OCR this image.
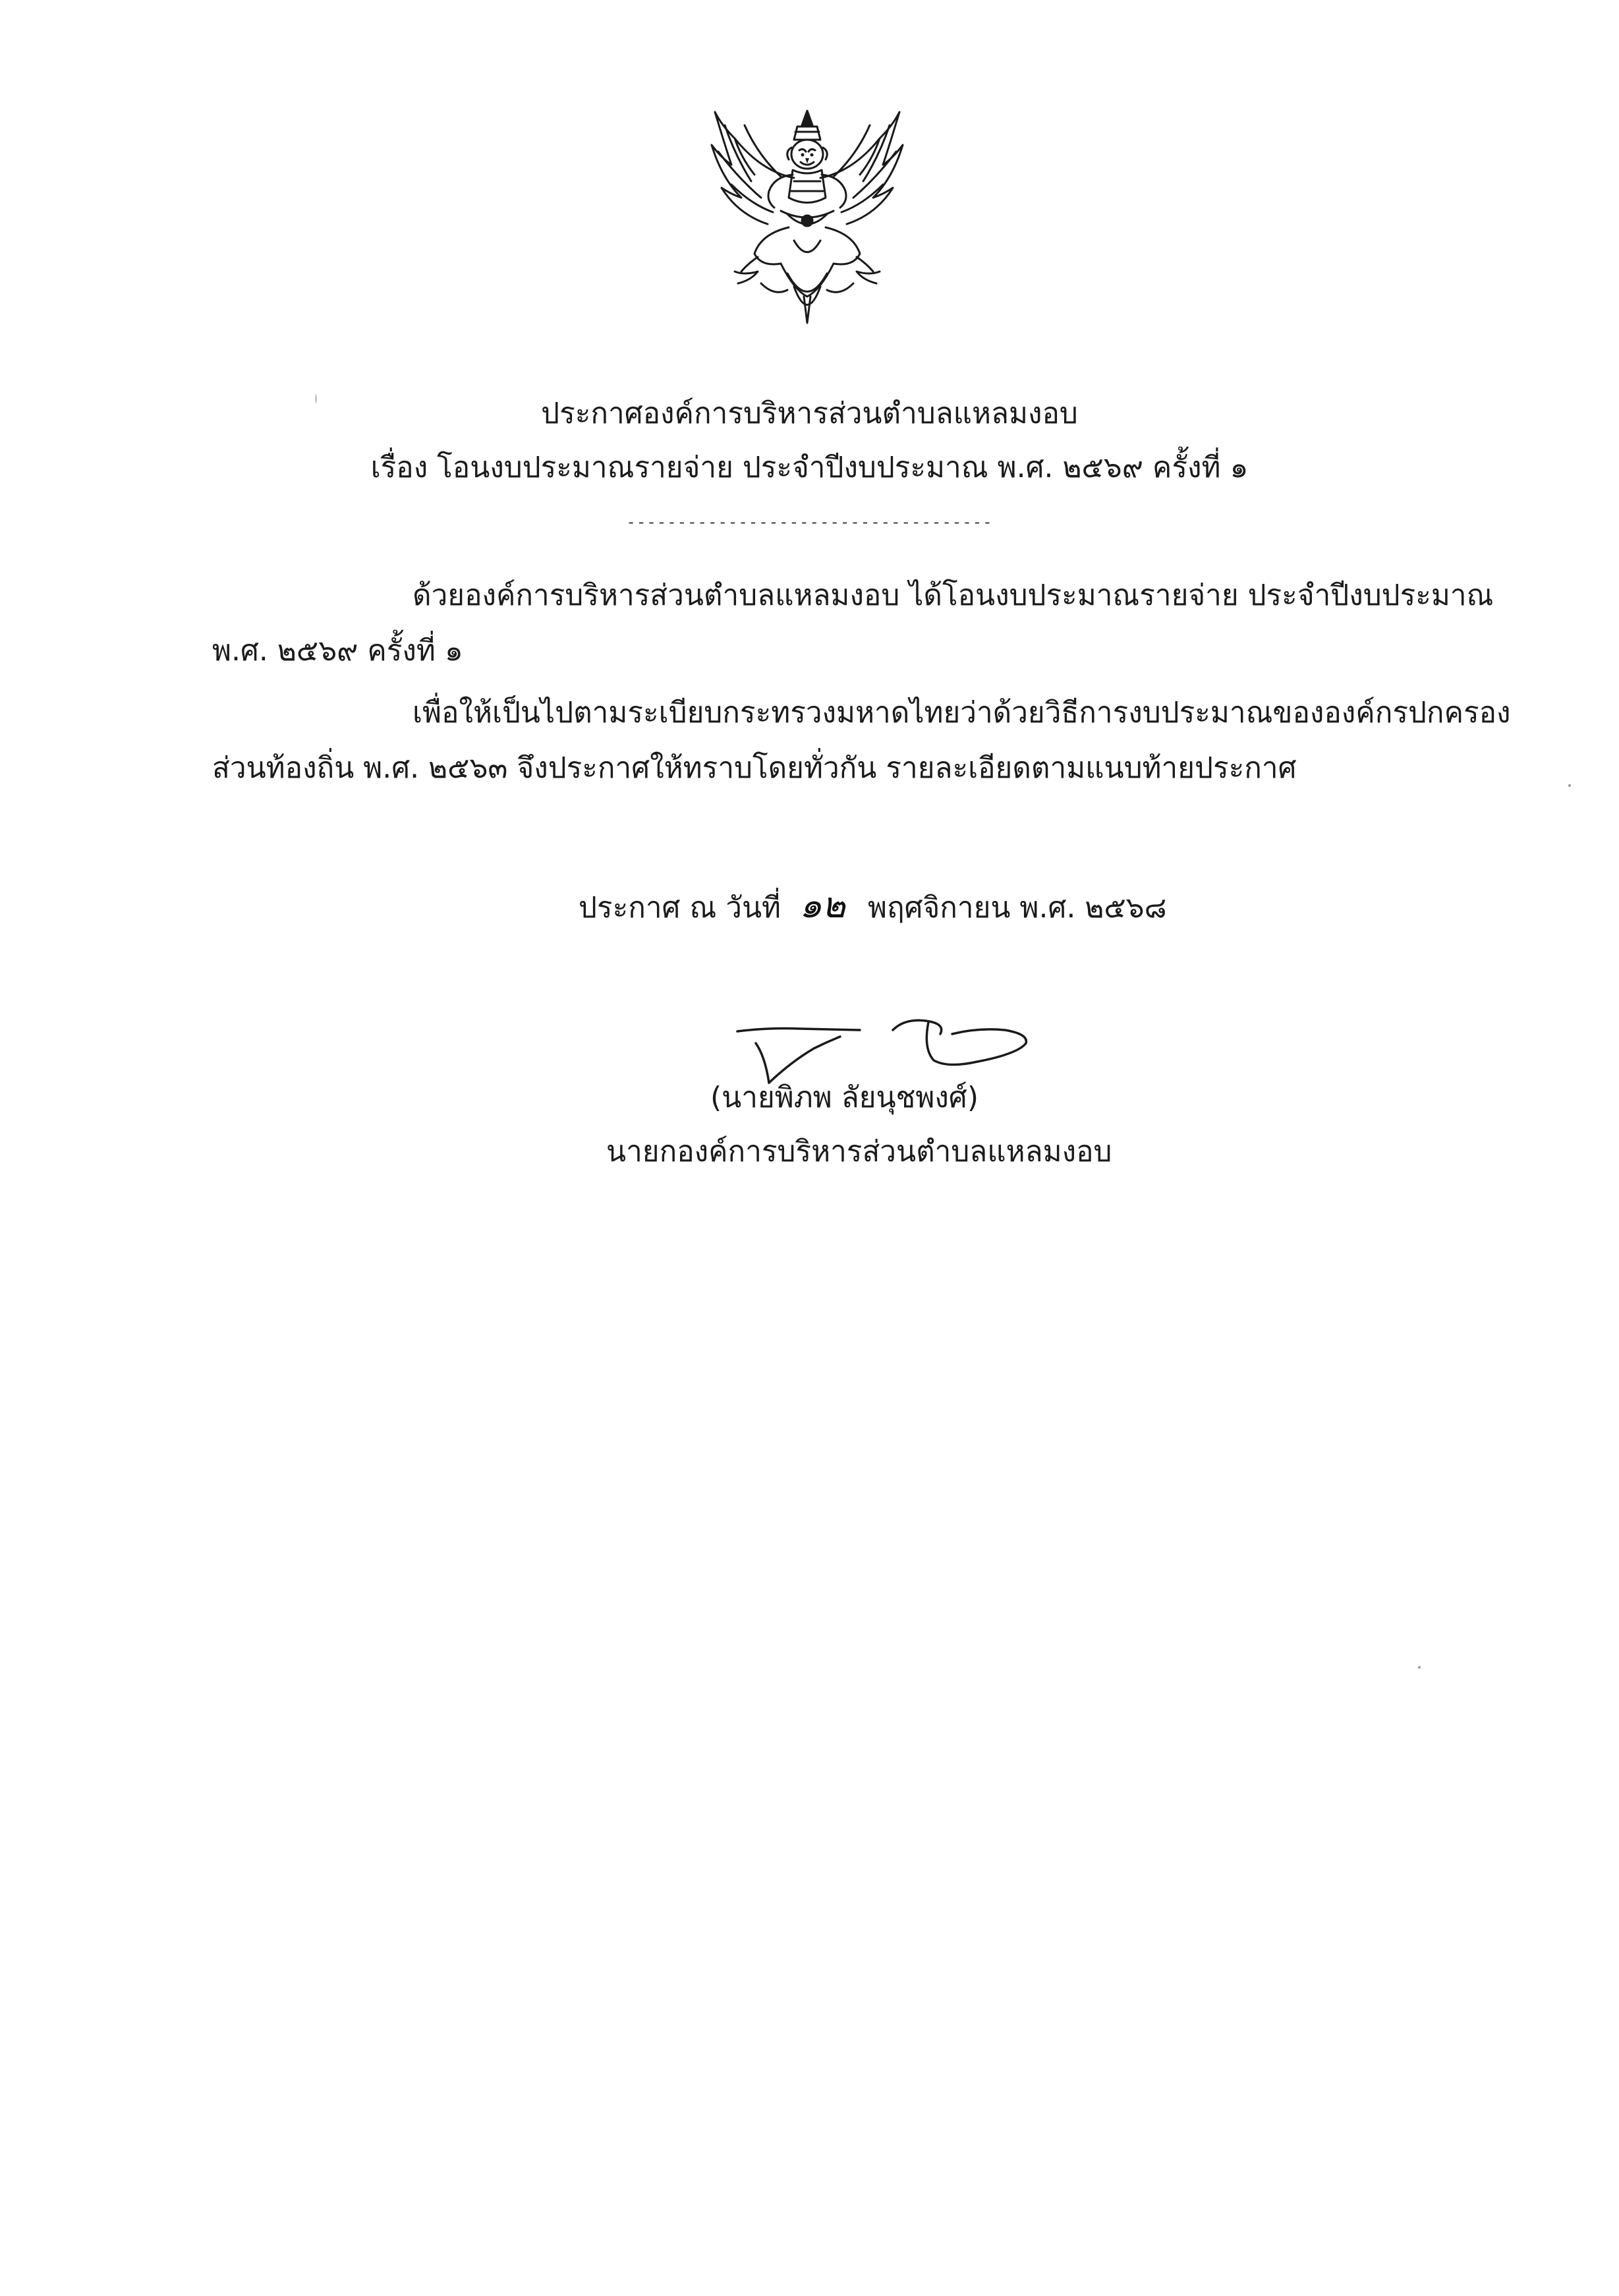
ประกาศองค์การบริหารส่วนตำบลแหลมงอบ
เรื่อง โอนงบประมาณรายจ่าย ประจำปีงบประมาณ พ.ศ. ๒๕๖๙ ครั้งที่ ๑
------------------------------------
ด้วยองค์การบริหารส่วนตำบลแหลมงอบ ได้โอนงบประมาณรายจ่าย ประจำปีงบประมาณ
พ.ศ. ๒๕๖๙ ครั้งที่ ๑
เพื่อให้เป็นไปตามระเบียบกระทรวงมหาดไทยว่าด้วยวิธีการงบประมาณขององค์กรปกครอง
ส่วนท้องถิ่น พ.ศ. ๒๕๖๓ จึงประกาศให้ทราบโดยทั่วกัน รายละเอียดตามแนบท้ายประกาศ
ประกาศ ณ วันที่ ๑๒ พฤศจิกายน พ.ศ. ๒๕๖๘
(นายพิภพ ลัยนุชพงศ์)
นายกองค์การบริหารส่วนตำบลแหลมงอบ
